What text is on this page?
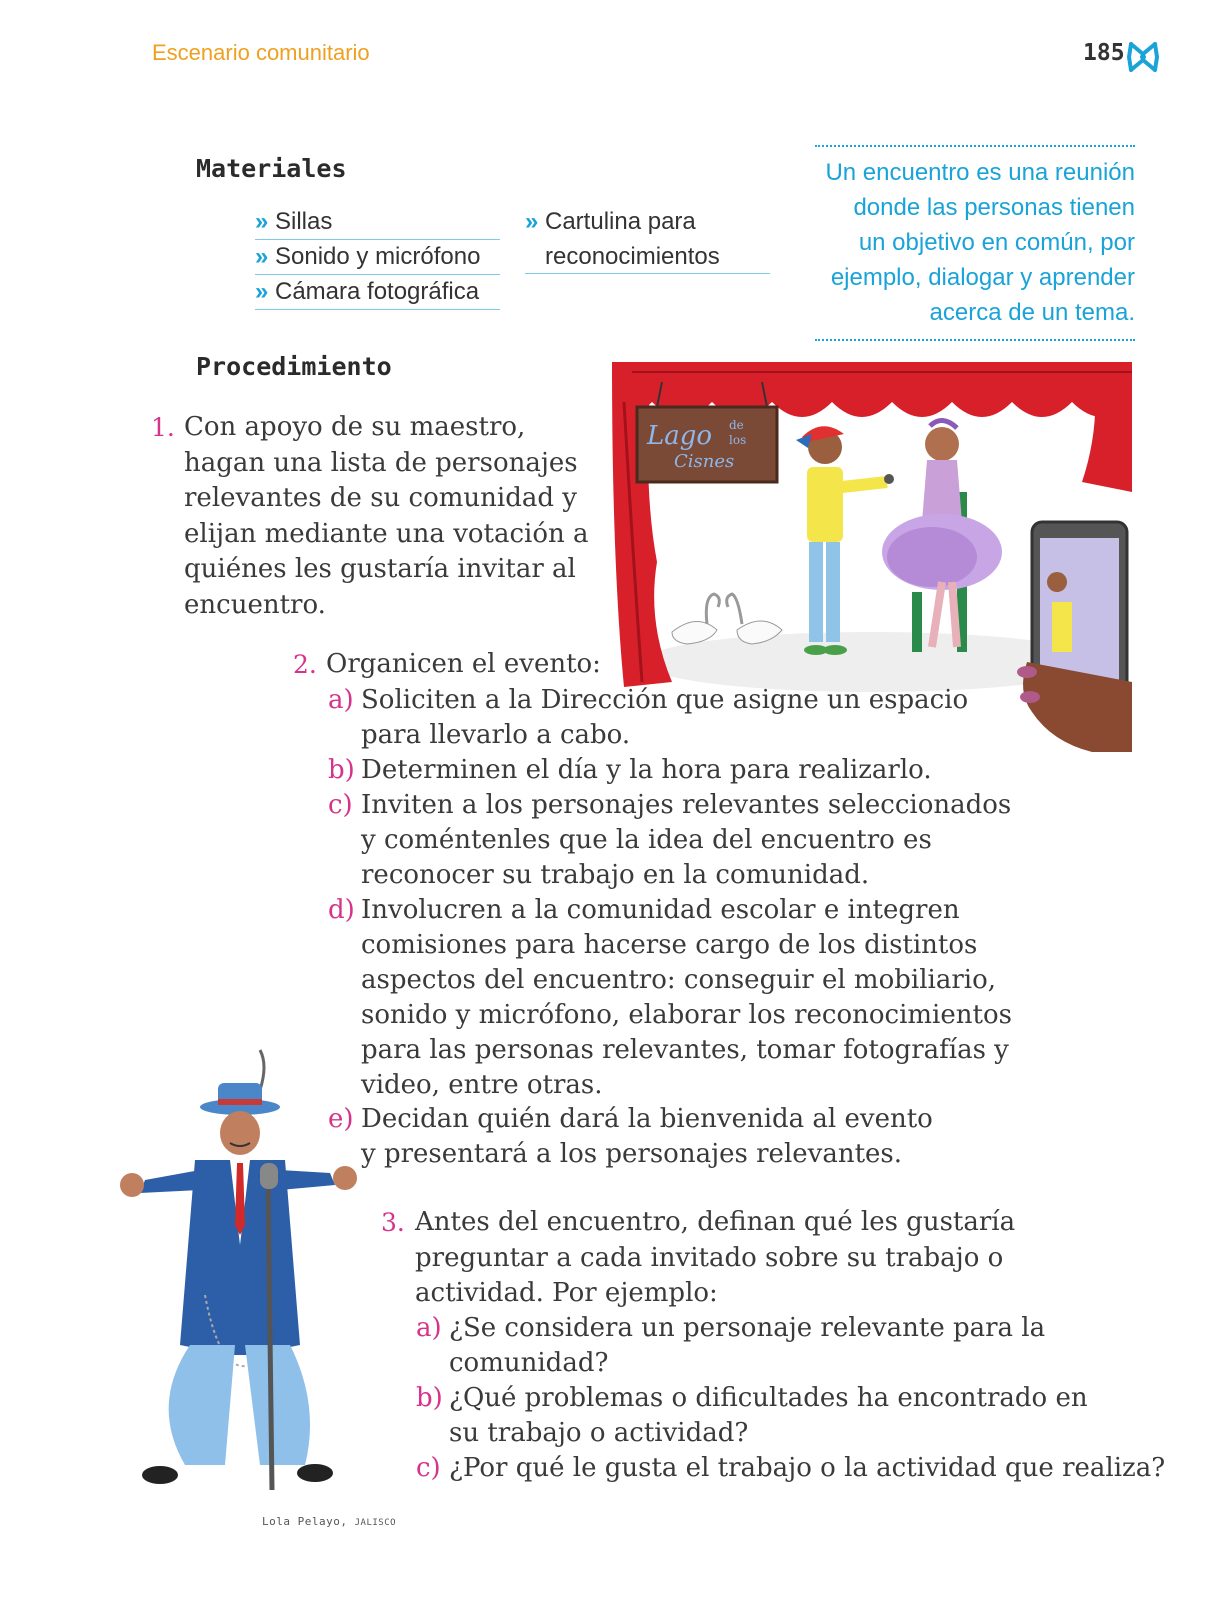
Escenario comunitario	185
Materiales
» Sillas
» Sonido y micrófono
» Cámara fotográfica
» Cartulina para
reconocimientos
Un encuentro es una reunión
donde las personas tienen
un objetivo en común, por
ejemplo, dialogar y aprender
acerca de un tema.
Procedimiento
Lago de
los
Cisnes
1. Con apoyo de su maestro,
hagan una lista de personajes
relevantes de su comunidad y
elijan mediante una votación a
quiénes les gustaría invitar al
encuentro.
2. Organicen el evento:
a) Soliciten a la Dirección que asigne un espacio
para llevarlo a cabo.
b) Determinen el día y la hora para realizarlo.
c) Inviten a los personajes relevantes seleccionados
y coméntenles que la idea del encuentro es
reconocer su trabajo en la comunidad.
d) Involucren a la comunidad escolar e integren
comisiones para hacerse cargo de los distintos
aspectos del encuentro: conseguir el mobiliario,
sonido y micrófono, elaborar los reconocimientos
para las personas relevantes, tomar fotografías y
video, entre otras.
e) Decidan quién dará la bienvenida al evento
y presentará a los personajes relevantes.
3. Antes del encuentro, definan qué les gustaría
preguntar a cada invitado sobre su trabajo o
actividad. Por ejemplo:
a) ¿Se considera un personaje relevante para la
comunidad?
b) ¿Qué problemas o dificultades ha encontrado en
su trabajo o actividad?
c) ¿Por qué le gusta el trabajo o la actividad que realiza?
Lola Pelayo, JALISCO
